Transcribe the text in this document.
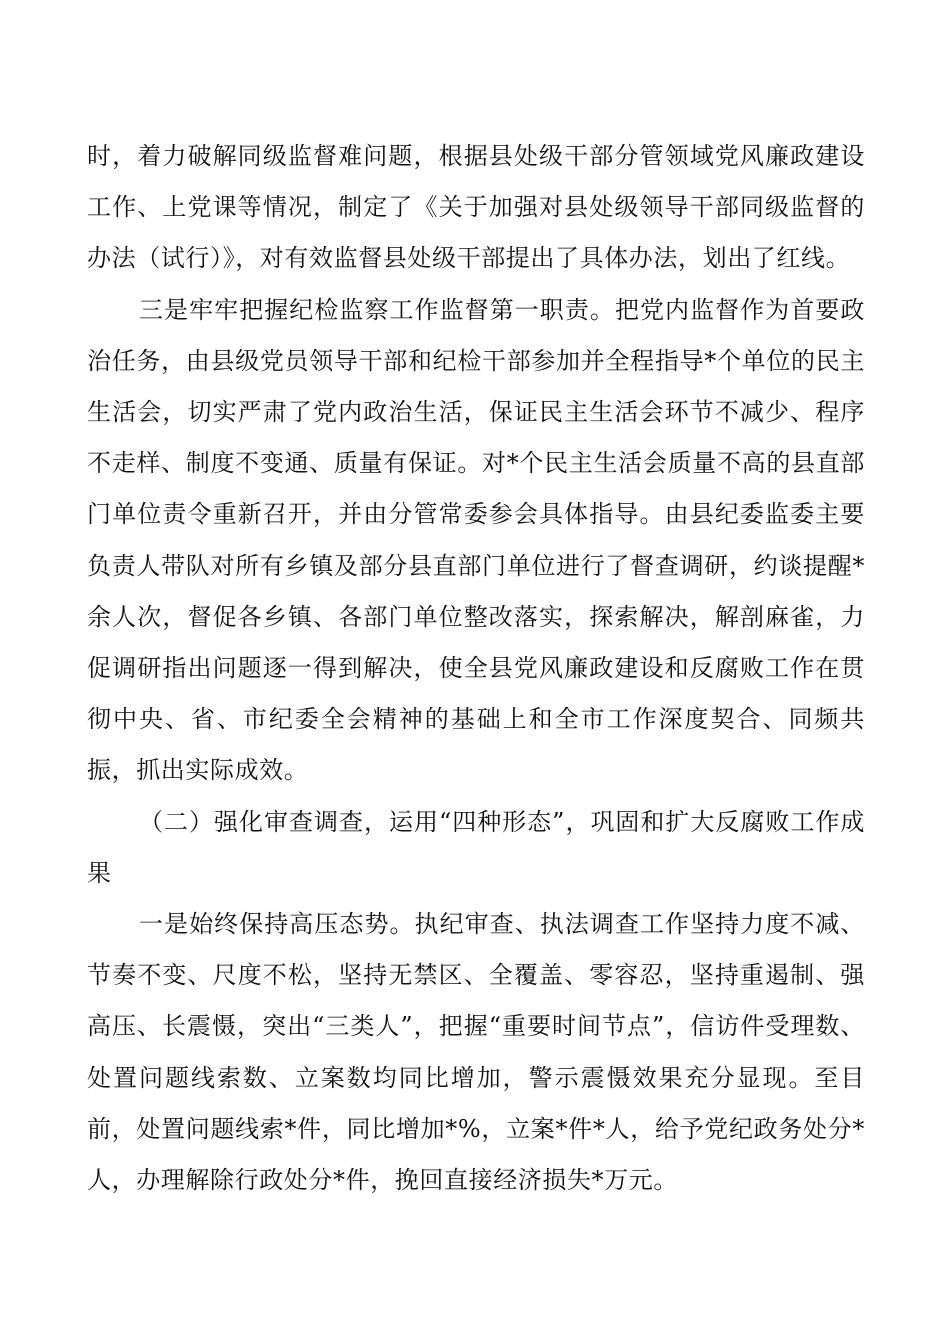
时，着力破解同级监督难问题，根据县处级干部分管领域党风廉政建设工作、上党课等情况，制定了《关于加强对县处级领导干部同级监督的办法（试行）》，对有效监督县处级干部提出了具体办法，划出了红线。

三是牢牢把握纪检监察工作监督第一职责。把党内监督作为首要政治任务，由县级党员领导干部和纪检干部参加并全程指导*个单位的民主生活会，切实严肃了党内政治生活，保证民主生活会环节不减少、程序不走样、制度不变通、质量有保证。对*个民主生活会质量不高的县直部门单位责令重新召开，并由分管常委参会具体指导。由县纪委监委主要负责人带队对所有乡镇及部分县直部门单位进行了督查调研，约谈提醒*余人次，督促各乡镇、各部门单位整改落实，探索解决，解剖麻雀，力促调研指出问题逐一得到解决，使全县党风廉政建设和反腐败工作在贯彻中央、省、市纪委全会精神的基础上和全市工作深度契合、同频共振，抓出实际成效。

（二）强化审查调查，运用“四种形态”，巩固和扩大反腐败工作成果

一是始终保持高压态势。执纪审查、执法调查工作坚持力度不减、节奏不变、尺度不松，坚持无禁区、全覆盖、零容忍，坚持重遏制、强高压、长震慑，突出“三类人”，把握“重要时间节点”，信访件受理数、处置问题线索数、立案数均同比增加，警示震慑效果充分显现。至目前，处置问题线索*件，同比增加*%，立案*件*人，给予党纪政务处分*人，办理解除行政处分*件，挽回直接经济损失*万元。
